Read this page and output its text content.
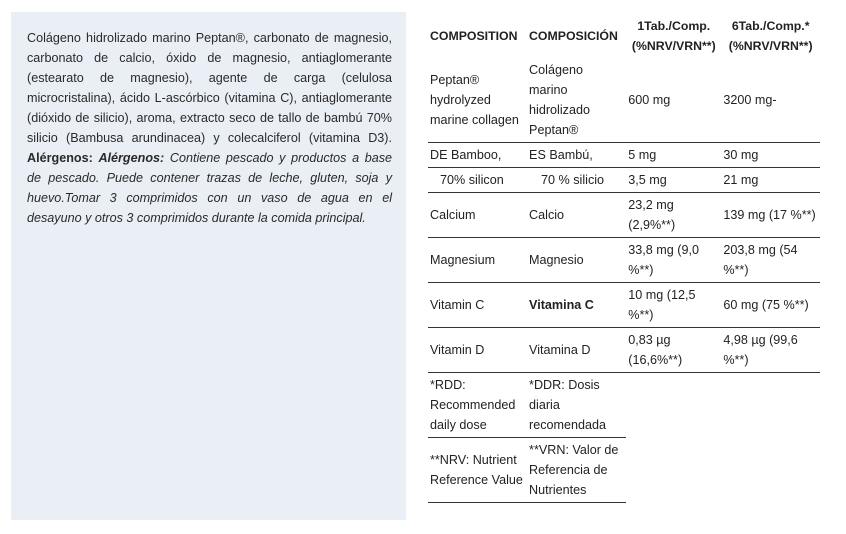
Colágeno hidrolizado marino Peptan®, carbonato de magnesio, carbonato de calcio, óxido de magnesio, antiaglomerante (estearato de magnesio), agente de carga (celulosa microcristalina), ácido L-ascórbico (vitamina C), antiaglomerante (dióxido de silicio), aroma, extracto seco de tallo de bambú 70% silicio (Bambusa arundinacea) y colecalciferol (vitamina D3). Alérgenos: Alérgenos: Contiene pescado y productos a base de pescado. Puede contener trazas de leche, gluten, soja y huevo.Tomar 3 comprimidos con un vaso de agua en el desayuno y otros 3 comprimidos durante la comida principal.
COMPOSITION	COMPOSICIÓN	1Tab./Comp. (%NRV/VRN**)	6Tab./Comp.* (%NRV/VRN**)
Peptan® hydrolyzed marine collagen	Colágeno marino hidrolizado Peptan®	600 mg	3200 mg-
DE Bamboo,	ES Bambú,	5 mg	30 mg
70% silicon	70 % silicio	3,5 mg	21 mg
Calcium	Calcio	23,2 mg (2,9%**)	139 mg (17 %**)
Magnesium	Magnesio	33,8 mg (9,0 %**)	203,8 mg (54 %**)
Vitamin C	Vitamina C	10 mg (12,5 %**)	60 mg (75 %**)
Vitamin D	Vitamina D	0,83 µg (16,6%**)	4,98 µg (99,6 %**)
*RDD: Recommended daily dose	*DDR: Dosis diaria recomendada		
**NRV: Nutrient Reference Value	**VRN: Valor de Referencia de Nutrientes		
